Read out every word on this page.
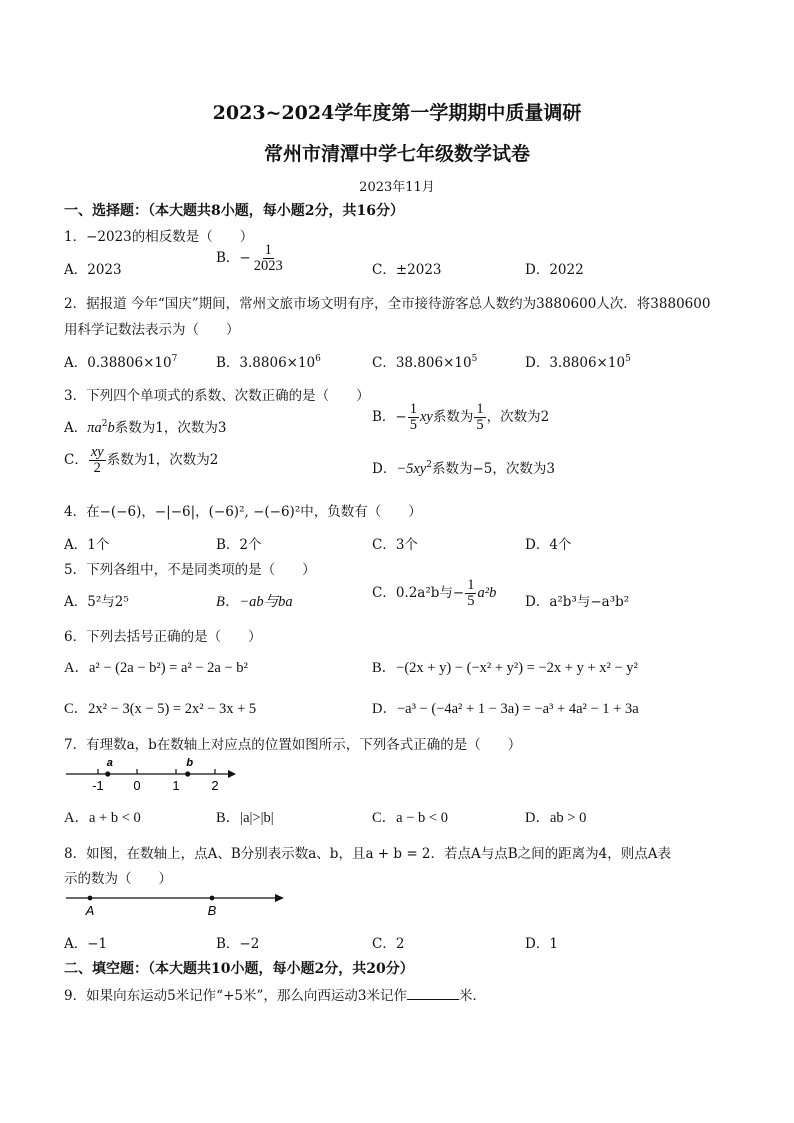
2023~2024学年度第一学期期中质量调研
常州市清潭中学七年级数学试卷
2023年11月
一、选择题：（本大题共8小题，每小题2分，共16分）
1．−2023的相反数是（　　）
A．2023
B．− $\frac{1}{2023}$	C．±2023	D．2022
2．据报道 今年“国庆”期间，常州文旅市场文明有序，全市接待游客总人数约为3880600人次．将3880600
用科学记数法表示为（　　）
A．$0.38806\times 10^7$	B．$3.8806\times 10^6$	C．$38.806\times 10^5$	D．$3.8806\times 10^5$
3．下列四个单项式的系数、次数正确的是（　　）
A．$\pi a^2b$系数为1，次数为3
B．− $\frac{1}{5}$ xy系数为 $\frac{1}{5}$ ，次数为2
C． $\frac{xy}{2}$ 系数为1，次数为2
D．$-5xy^2$系数为−5，次数为3
4．在−(−6)，−|−6|，(−6)², −(−6)²中，负数有（　　）
A．1个	B．2个	C．3个	D．4个
5．下列各组中，不是同类项的是（　　）
A．5²与2⁵	B．−ab与ba
C．0.2a²b与− $\frac{1}{5} a^2b$
D．a²b³与−a³b²
6．下列去括号正确的是（　　）
A．a² − (2a − b²) = a² − 2a − b²	B．−(2x + y) − (−x² + y²) = −2x + y + x² − y²
C．2x² − 3(x − 5) = 2x² − 3x + 5	D．−a³ − (−4a² + 1 − 3a) = −a³ + 4a² − 1 + 3a
7．有理数a，b在数轴上对应点的位置如图所示，下列各式正确的是（　　）
-1 0 1 2
a	b
A．a + b < 0	B．|a|>|b|	C．a − b < 0	D．ab > 0
8．如图，在数轴上，点A、B分别表示数a、b，且a + b = 2．若点A与点B之间的距离为4，则点A表
示的数为（　　）
A	B
A．−1	B．−2	C．2	D．1
二、填空题：（本大题共10小题，每小题2分，共20分）
9．如果向东运动5米记作“+5米”，那么向西运动3米记作	米．
